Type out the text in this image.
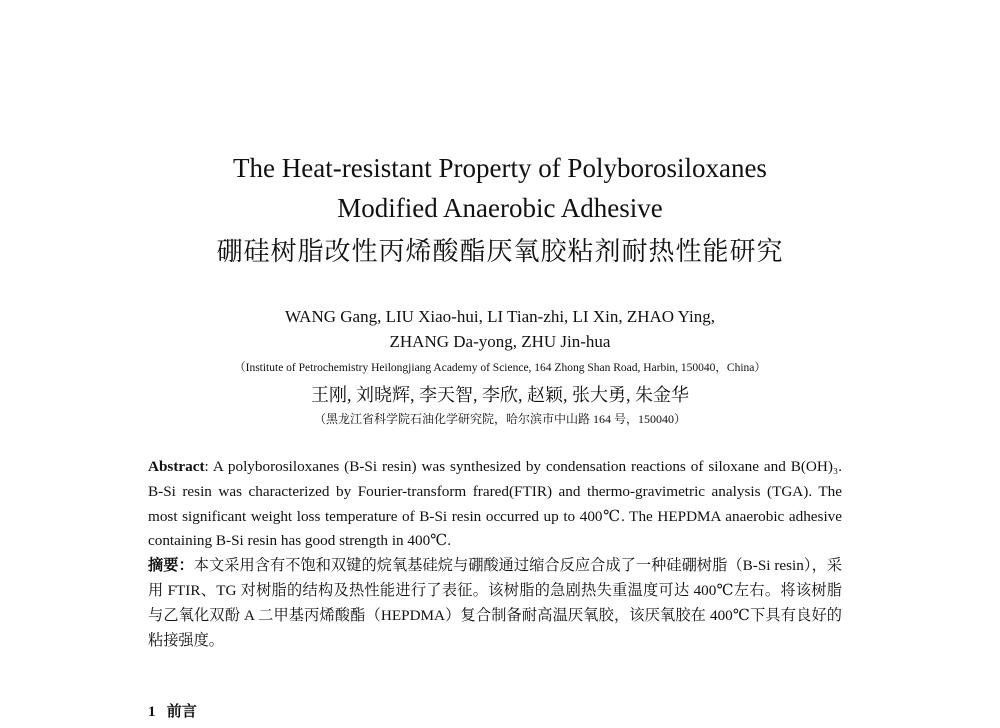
The Heat-resistant Property of Polyborosiloxanes
Modified Anaerobic Adhesive
硼硅树脂改性丙烯酸酯厌氧胶粘剂耐热性能研究
WANG Gang, LIU Xiao-hui, LI Tian-zhi, LI Xin, ZHAO Ying,
ZHANG Da-yong, ZHU Jin-hua
（Institute of Petrochemistry Heilongjiang Academy of Science, 164 Zhong Shan Road, Harbin, 150040，China）
王刚, 刘晓辉, 李天智, 李欣, 赵颖, 张大勇, 朱金华
（黑龙江省科学院石油化学研究院，哈尔滨市中山路 164 号，150040）

Abstract: A polyborosiloxanes (B-Si resin) was synthesized by condensation reactions of siloxane and B(OH)₃. B-Si resin was characterized by Fourier-transform frared(FTIR) and thermo-gravimetric analysis (TGA). The most significant weight loss temperature of B-Si resin occurred up to 400℃. The HEPDMA anaerobic adhesive containing B-Si resin has good strength in 400℃.

摘要：本文采用含有不饱和双键的烷氧基硅烷与硼酸通过缩合反应合成了一种硅硼树脂（B-Si resin），采用 FTIR、TG 对树脂的结构及热性能进行了表征。该树脂的急剧热失重温度可达 400℃左右。将该树脂与乙氧化双酚 A 二甲基丙烯酸酯（HEPDMA）复合制备耐高温厌氧胶，该厌氧胶在 400℃下具有良好的粘接强度。

1 前言
